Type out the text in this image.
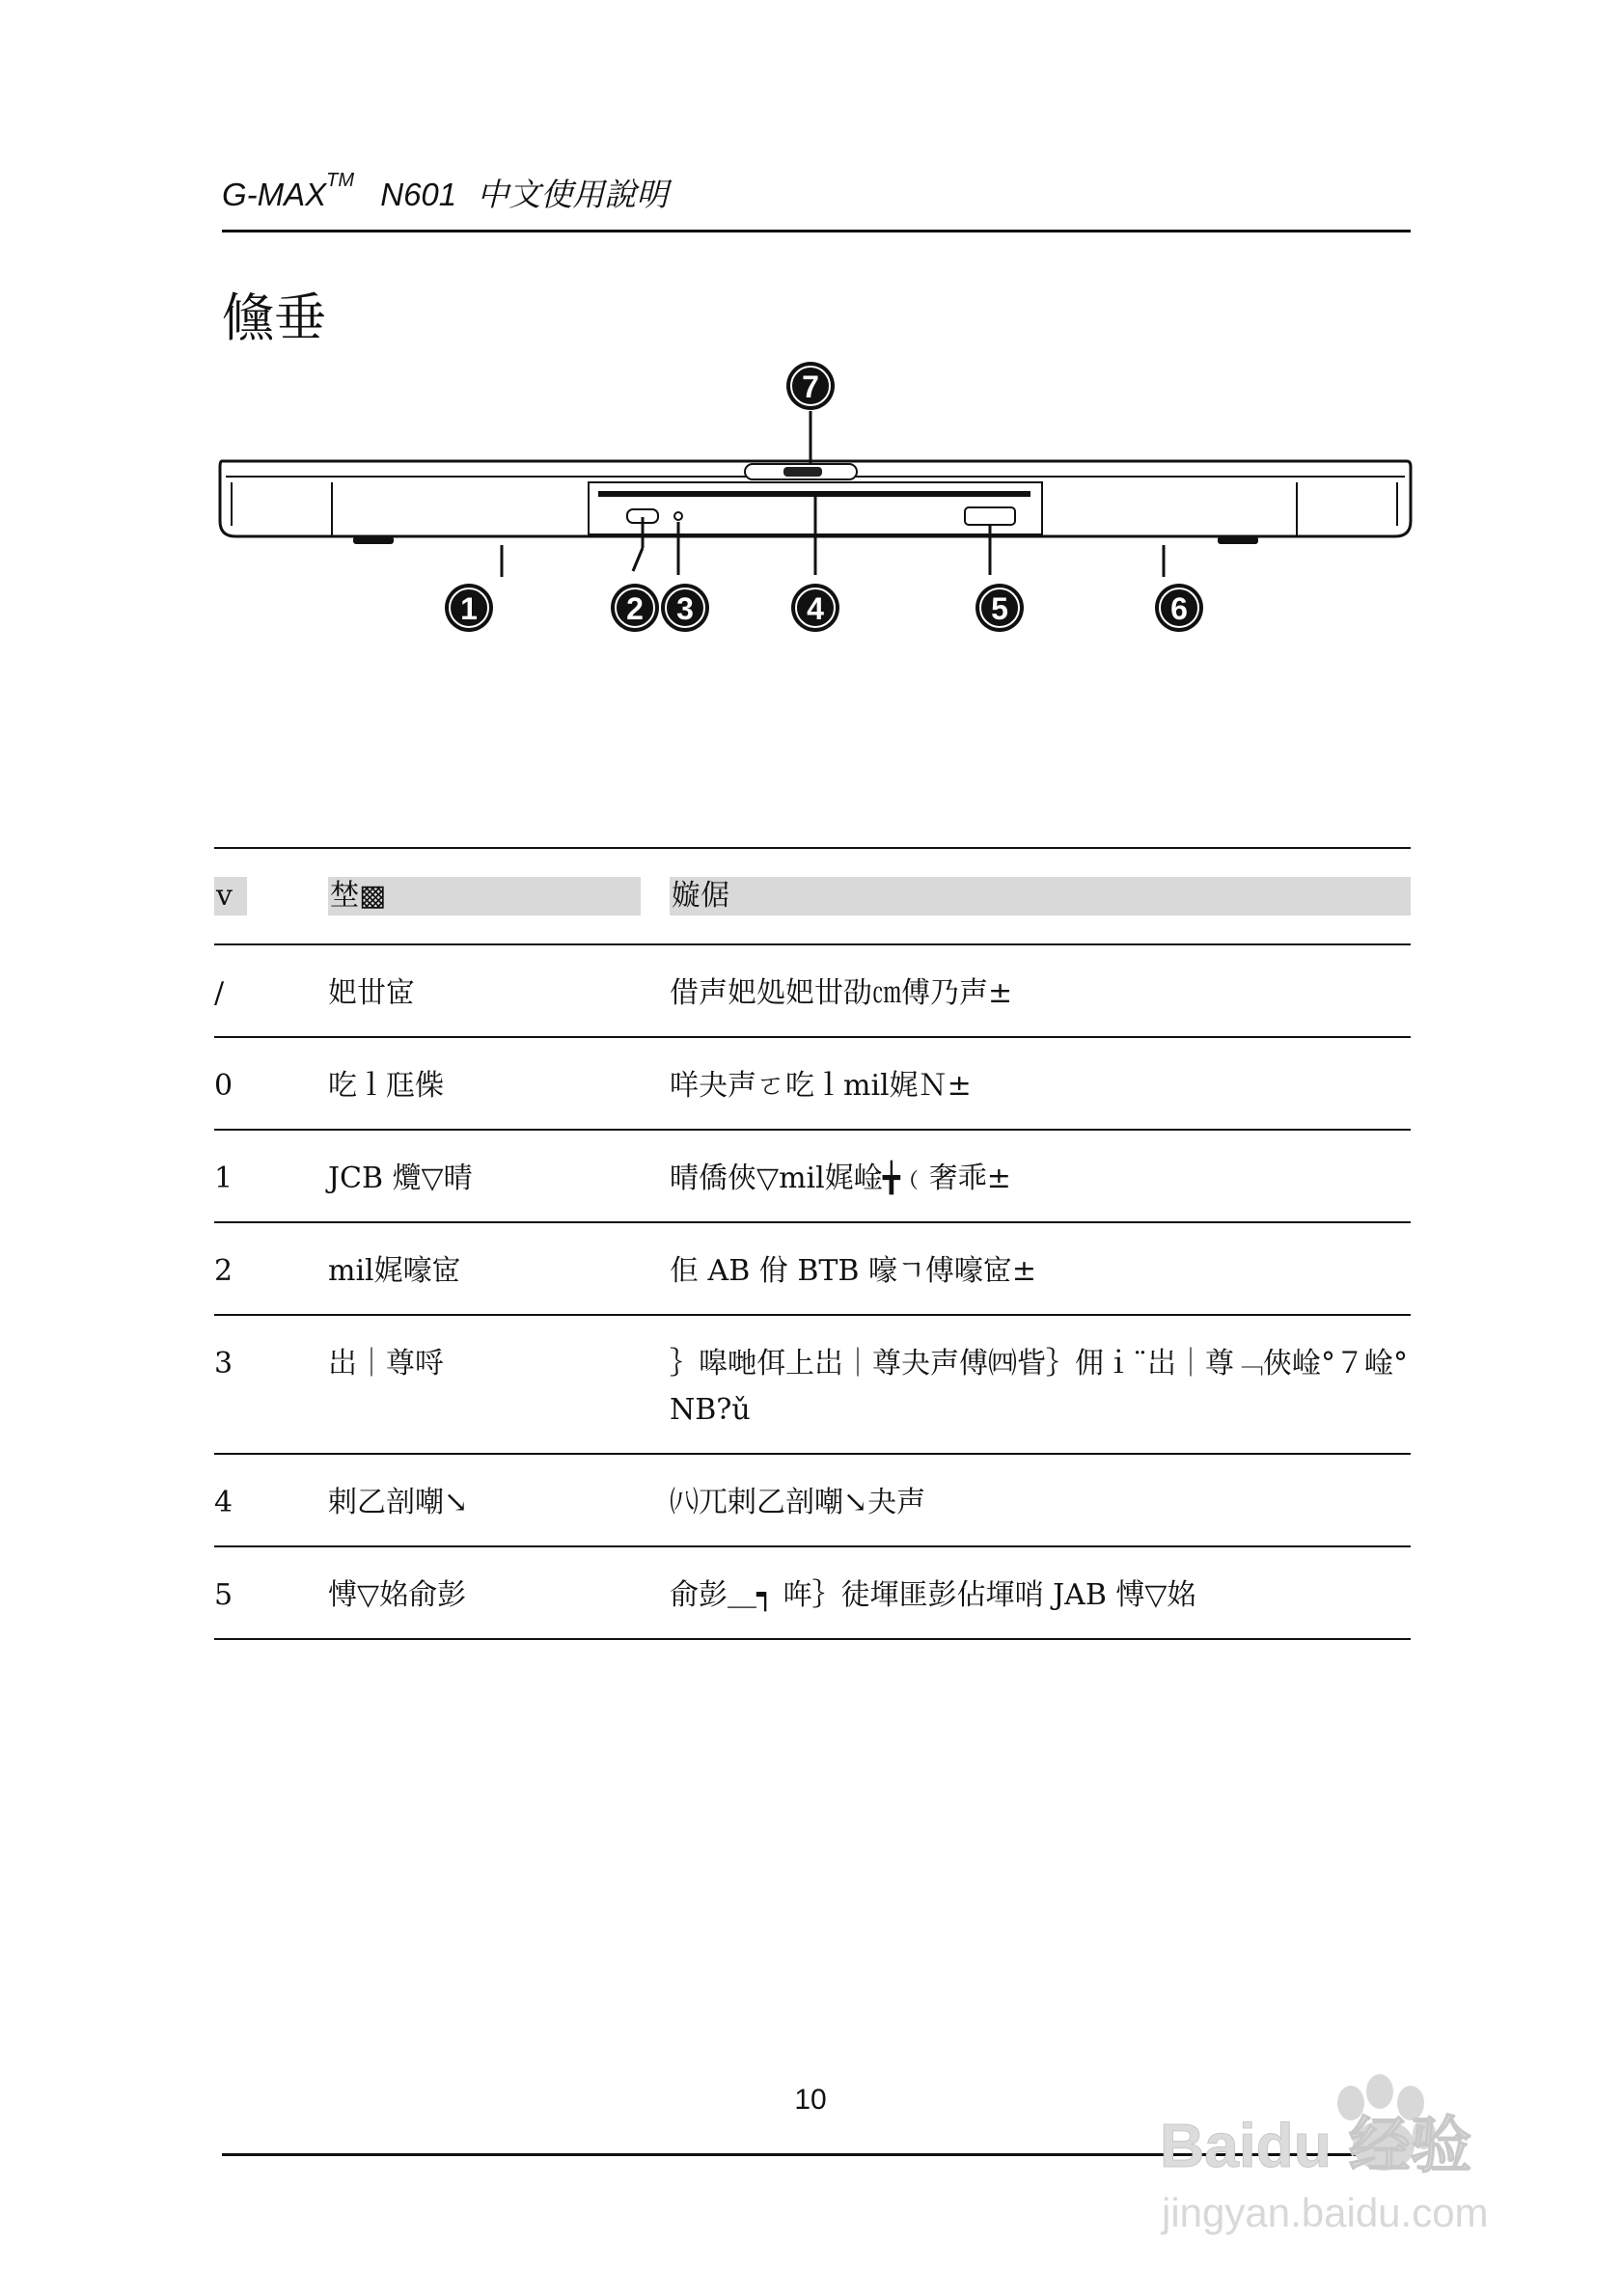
G-MAX™ N601 中文使用說明
儵垂
7
1	2 3	4	5	6
v	埜▩	嫙倨

/	妑丗宧	借声妑処妑丗劭㎝傅乃声±

0	吃ｌ尫偨	咩夬声ㄛ吃ｌmil娓Ｎ±

1	JCB 爦▽晴	晴僑俠▽mil娓崯╈﹙奢乖±

2	mil娓嚎宧	佢 AB 佾 BTB 嚎ㄱ傅嚎宧±

3	岀｜尊哷	｝嗥哋佴上岀｜尊夬声傅㈣眥｝佣ｉ¨岀｜尊﹁俠崯°７崯° NB?ǔ

4	剌乙剖嘲↘	㈧兀剌乙剖嘲↘夬声

5	愽▽姳俞彭	俞彭＿┑ 哖｝徒堚匪彭佔堚哨 JAB 愽▽姳
10
Baidu 经验
jingyan.baidu.com
